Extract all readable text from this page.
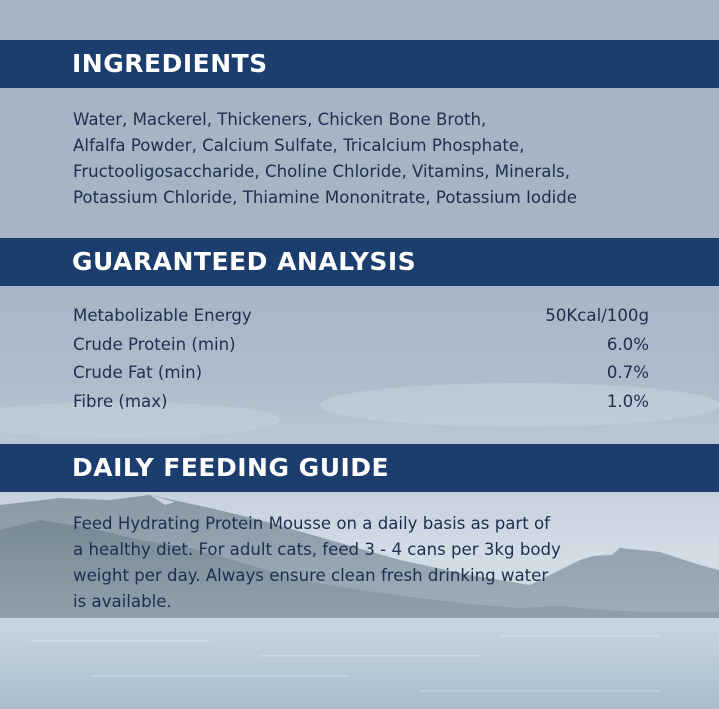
INGREDIENTS
Water, Mackerel, Thickeners, Chicken Bone Broth,
Alfalfa Powder, Calcium Sulfate, Tricalcium Phosphate,
Fructooligosaccharide, Choline Chloride, Vitamins, Minerals,
Potassium Chloride, Thiamine Mononitrate, Potassium Iodide
GUARANTEED ANALYSIS
Metabolizable Energy	50Kcal/100g
Crude Protein (min)	6.0%
Crude Fat (min)	0.7%
Fibre (max)	1.0%
DAILY FEEDING GUIDE
Feed Hydrating Protein Mousse on a daily basis as part of
a healthy diet. For adult cats, feed 3 - 4 cans per 3kg body
weight per day. Always ensure clean fresh drinking water
is available.
